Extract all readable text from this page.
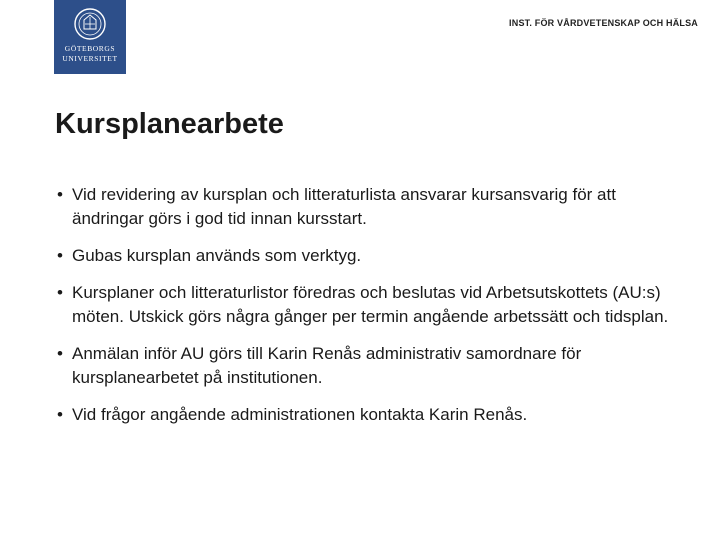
GÖTEBORGS
UNIVERSITET
INST. FÖR VÅRDVETENSKAP OCH HÄLSA
Kursplanearbete
• Vid revidering av kursplan och litteraturlista ansvarar kursansvarig för att ändringar görs i god tid innan kursstart.
• Gubas kursplan används som verktyg.
• Kursplaner och litteraturlistor föredras och beslutas vid Arbetsutskottets (AU:s) möten. Utskick görs några gånger per termin angående arbetssätt och tidsplan.
• Anmälan inför AU görs till Karin Renås administrativ samordnare för kursplanearbetet på institutionen.
• Vid frågor angående administrationen kontakta Karin Renås.
